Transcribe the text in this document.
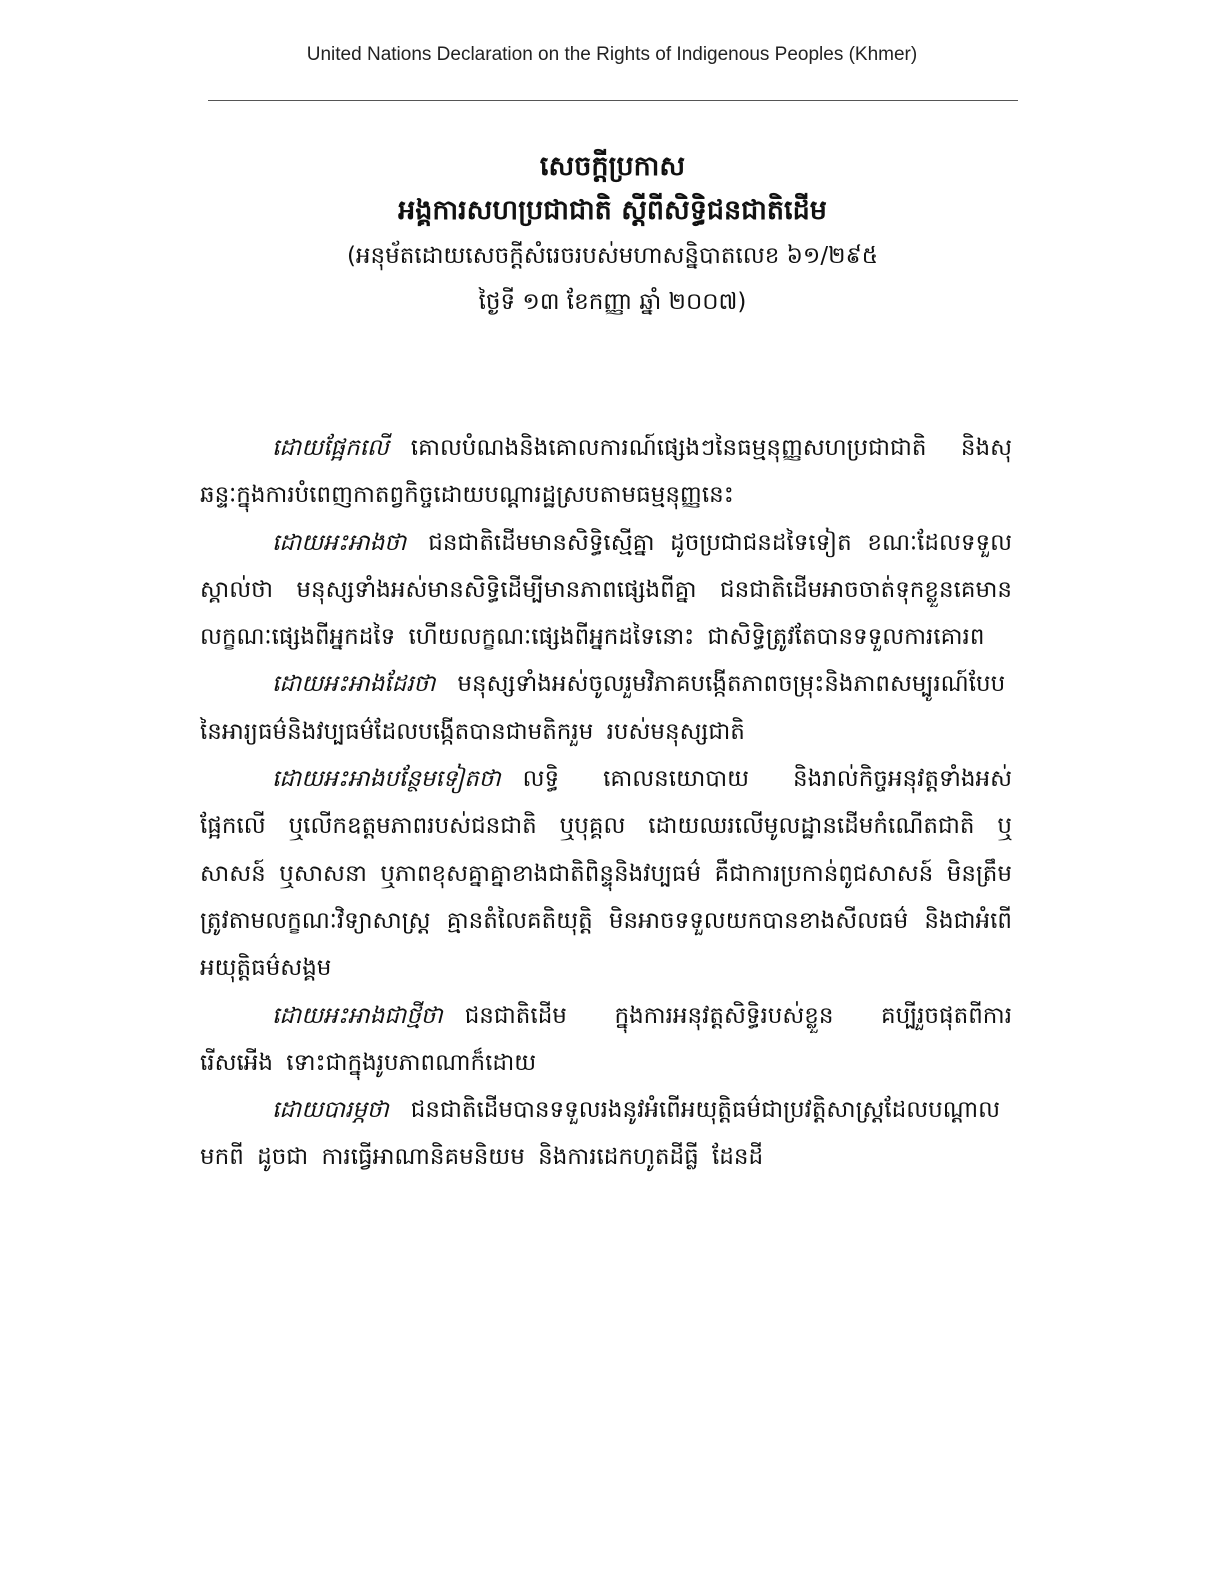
United Nations Declaration on the Rights of Indigenous Peoples (Khmer)
សេចក្ដីប្រកាស
អង្គការសហប្រជាជាតិ ស្ដីពីសិទ្ធិជនជាតិដើម
(អនុម័តដោយសេចក្ដីសំរេចរបស់មហាសន្និបាតលេខ ៦១/២៩៥
ថ្ងៃទី ១៣ ខែកញ្ញា ឆ្នាំ ២០០៧)

ដោយផ្អែកលើ គោលបំណងនិងគោលការណ៍ផ្សេងៗនៃធម្មនុញ្ញសហប្រជាជាតិ និងសុឆន្ទៈក្នុងការបំពេញកាតព្វកិច្ចដោយបណ្ដារដ្ឋស្របតាមធម្មនុញ្ញនេះ

ដោយអះអាងថា ជនជាតិដើមមានសិទ្ធិស្មើគ្នា ដូចប្រជាជនដទៃទៀត ខណៈដែលទទួលស្គាល់ថា មនុស្សទាំងអស់មានសិទ្ធិដើម្បីមានភាពផ្សេងពីគ្នា ជនជាតិដើមអាចចាត់ទុកខ្លួនគេមានលក្ខណៈផ្សេងពីអ្នកដទៃ ហើយលក្ខណៈផ្សេងពីអ្នកដទៃនោះ ជាសិទ្ធិត្រូវតែបានទទួលការគោរព

ដោយអះអាងដែរថា មនុស្សទាំងអស់ចូលរួមវិភាគបង្កើតភាពចម្រុះនិងភាពសម្បូរណ៍បែបនៃអារ្យធម៌និងវប្បធម៌ដែលបង្កើតបានជាមតិករួម របស់មនុស្សជាតិ

ដោយអះអាងបន្ថែមទៀតថា លទ្ធិ គោលនយោបាយ និងរាល់កិច្ចអនុវត្តទាំងអស់ ផ្អែកលើ ឬលើកឧត្តមភាពរបស់ជនជាតិ ឬបុគ្គល ដោយឈរលើមូលដ្ឋានដើមកំណើតជាតិ ឬសាសន៍ ឬសាសនា ឬភាពខុសគ្នាគ្នាខាងជាតិពិន្ទុនិងវប្បធម៌ គឺជាការប្រកាន់ពូជសាសន៍ មិនត្រឹមត្រូវតាមលក្ខណៈវិទ្យាសាស្ត្រ គ្មានតំលៃគតិយុត្តិ មិនអាចទទួលយកបានខាងសីលធម៌ និងជាអំពើអយុត្តិធម៌សង្គម

ដោយអះអាងជាថ្មីថា ជនជាតិដើម ក្នុងការអនុវត្តសិទ្ធិរបស់ខ្លួន គប្បីរួចផុតពីការរើសអើង ទោះជាក្នុងរូបភាពណាក៏ដោយ

ដោយបារម្ភថា ជនជាតិដើមបានទទួលរងនូវអំពើអយុត្តិធម៌ជាប្រវត្តិសាស្ត្រដែលបណ្ដាលមកពី ដូចជា ការធ្វើអាណានិគមនិយម និងការដេកហូតដីធ្លី ដែនដី
